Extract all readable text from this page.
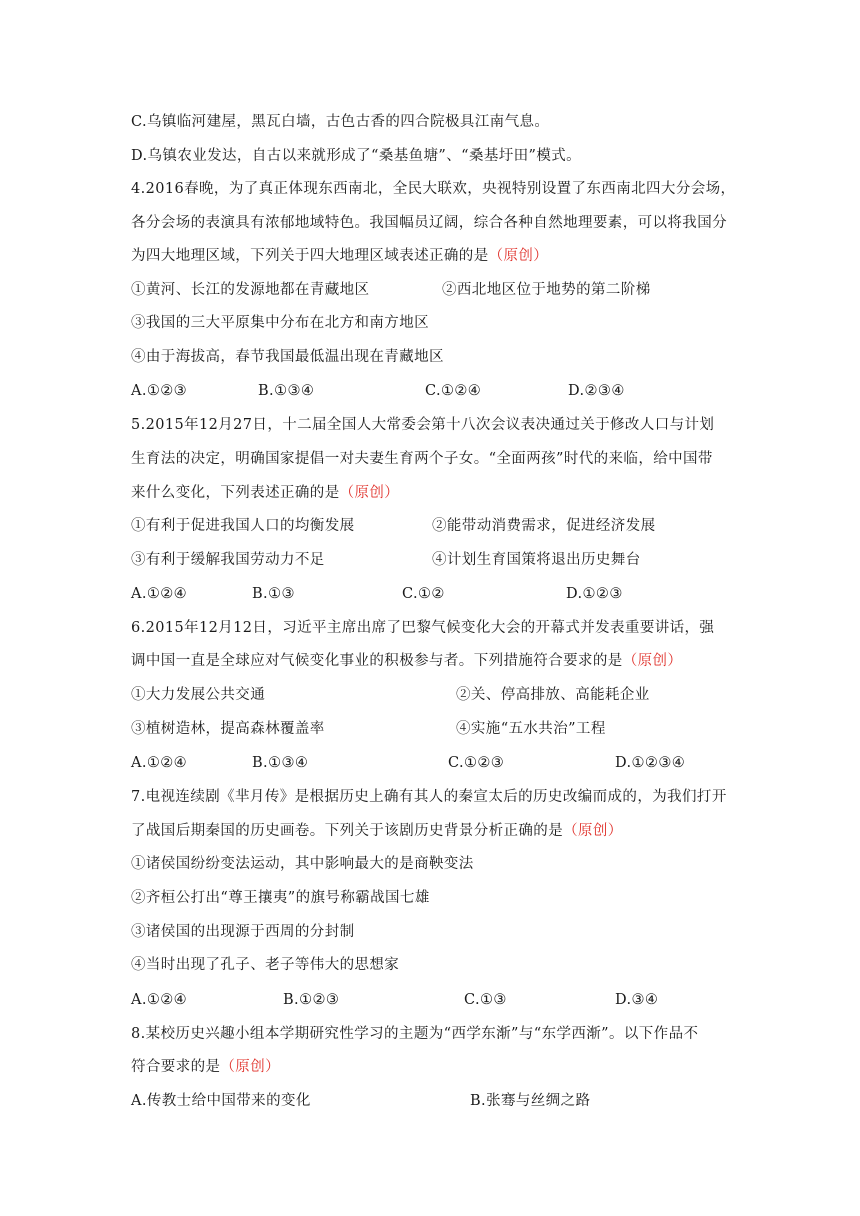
C.乌镇临河建屋，黑瓦白墙，古色古香的四合院极具江南气息。
D.乌镇农业发达，自古以来就形成了“桑基鱼塘”、“桑基圩田”模式。
4.2016春晚，为了真正体现东西南北，全民大联欢，央视特别设置了东西南北四大分会场，
各分会场的表演具有浓郁地域特色。我国幅员辽阔，综合各种自然地理要素，可以将我国分
为四大地理区域，下列关于四大地理区域表述正确的是（原创）
①黄河、长江的发源地都在青藏地区	②西北地区位于地势的第二阶梯
③我国的三大平原集中分布在北方和南方地区
④由于海拔高，春节我国最低温出现在青藏地区
A.①②③	B.①③④	C.①②④	D.②③④
5.2015年12月27日，十二届全国人大常委会第十八次会议表决通过关于修改人口与计划
生育法的决定，明确国家提倡一对夫妻生育两个子女。“全面两孩”时代的来临，给中国带
来什么变化，下列表述正确的是（原创）
①有利于促进我国人口的均衡发展	②能带动消费需求，促进经济发展
③有利于缓解我国劳动力不足	④计划生育国策将退出历史舞台
A.①②④	B.①③	C.①②	D.①②③
6.2015年12月12日，习近平主席出席了巴黎气候变化大会的开幕式并发表重要讲话，强
调中国一直是全球应对气候变化事业的积极参与者。下列措施符合要求的是（原创）
①大力发展公共交通	②关、停高排放、高能耗企业
③植树造林，提高森林覆盖率	④实施“五水共治”工程
A.①②④	B.①③④	C.①②③	D.①②③④
7.电视连续剧《芈月传》是根据历史上确有其人的秦宣太后的历史改编而成的，为我们打开
了战国后期秦国的历史画卷。下列关于该剧历史背景分析正确的是（原创）
①诸侯国纷纷变法运动，其中影响最大的是商鞅变法
②齐桓公打出“尊王攘夷”的旗号称霸战国七雄
③诸侯国的出现源于西周的分封制
④当时出现了孔子、老子等伟大的思想家
A.①②④	B.①②③	C.①③	D.③④
8.某校历史兴趣小组本学期研究性学习的主题为“西学东渐”与“东学西渐”。以下作品不
符合要求的是（原创）
A.传教士给中国带来的变化	B.张骞与丝绸之路
